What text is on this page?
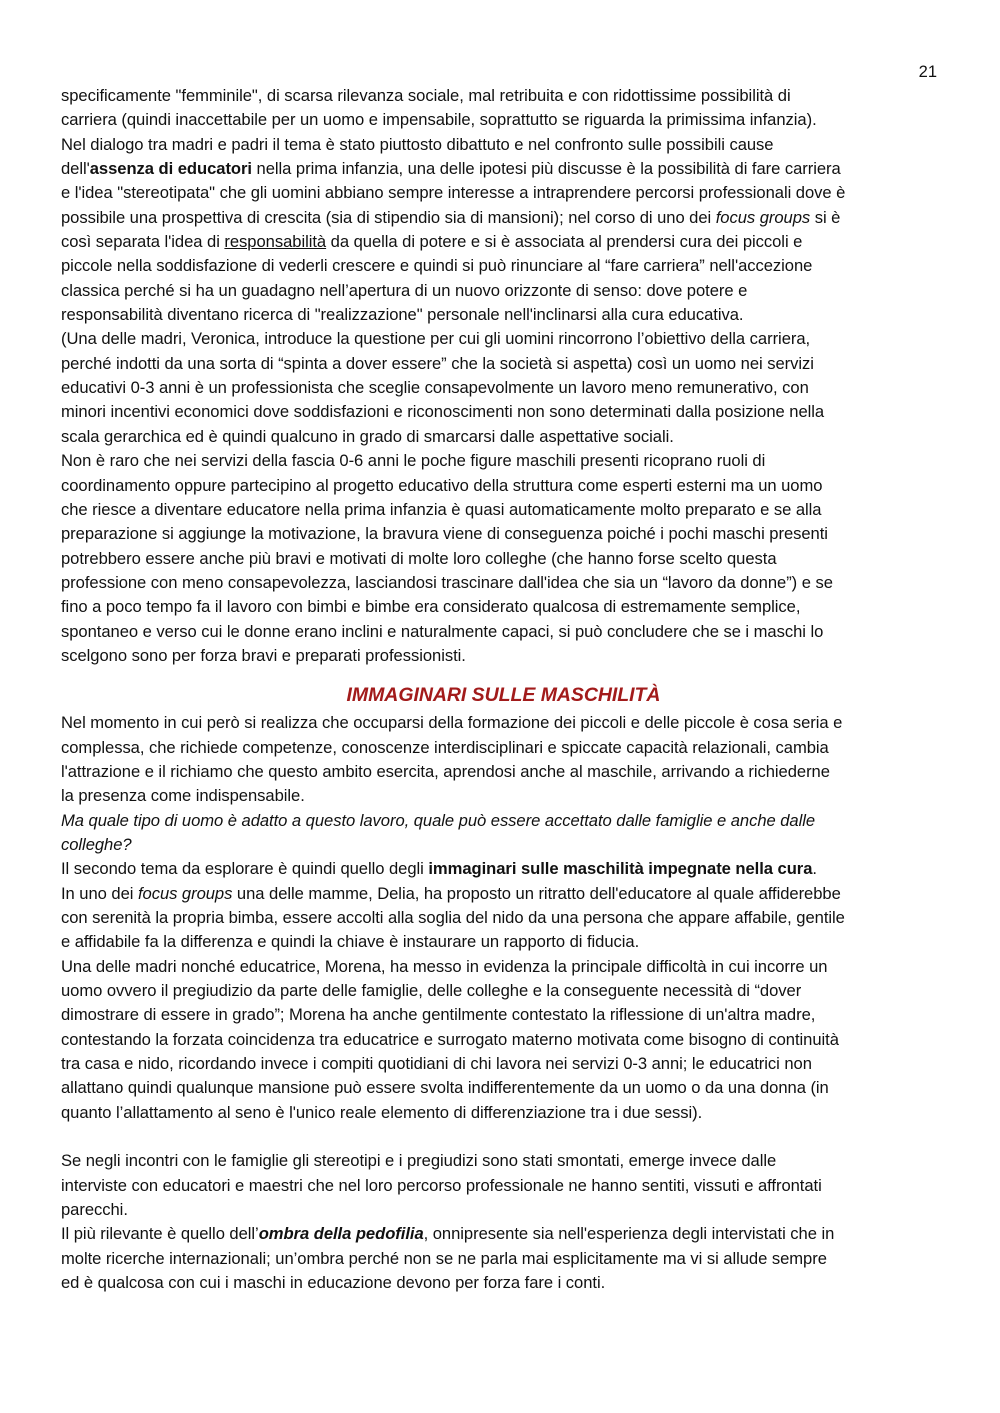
21
specificamente "femminile", di scarsa rilevanza sociale, mal retribuita e con ridottissime possibilità di
carriera (quindi inaccettabile per un uomo e impensabile, soprattutto se riguarda la primissima infanzia).
Nel dialogo tra madri e padri il tema è stato piuttosto dibattuto e nel confronto sulle possibili cause
dell'assenza di educatori nella prima infanzia, una delle ipotesi più discusse è la possibilità di fare carriera
e l'idea "stereotipata" che gli uomini abbiano sempre interesse a intraprendere percorsi professionali dove è
possibile una prospettiva di crescita (sia di stipendio sia di mansioni); nel corso di uno dei focus groups si è
così separata l'idea di responsabilità da quella di potere e si è associata al prendersi cura dei piccoli e
piccole nella soddisfazione di vederli crescere e quindi si può rinunciare al “fare carriera” nell'accezione
classica perché si ha un guadagno nell’apertura di un nuovo orizzonte di senso: dove potere e
responsabilità diventano ricerca di "realizzazione" personale nell'inclinarsi alla cura educativa.
(Una delle madri, Veronica, introduce la questione per cui gli uomini rincorrono l’obiettivo della carriera,
perché indotti da una sorta di “spinta a dover essere” che la società si aspetta) così un uomo nei servizi
educativi 0-3 anni è un professionista che sceglie consapevolmente un lavoro meno remunerativo, con
minori incentivi economici dove soddisfazioni e riconoscimenti non sono determinati dalla posizione nella
scala gerarchica ed è quindi qualcuno in grado di smarcarsi dalle aspettative sociali.
Non è raro che nei servizi della fascia 0-6 anni le poche figure maschili presenti ricoprano ruoli di
coordinamento oppure partecipino al progetto educativo della struttura come esperti esterni ma un uomo
che riesce a diventare educatore nella prima infanzia è quasi automaticamente molto preparato e se alla
preparazione si aggiunge la motivazione, la bravura viene di conseguenza poiché i pochi maschi presenti
potrebbero essere anche più bravi e motivati di molte loro colleghe (che hanno forse scelto questa
professione con meno consapevolezza, lasciandosi trascinare dall'idea che sia un “lavoro da donne”) e se
fino a poco tempo fa il lavoro con bimbi e bimbe era considerato qualcosa di estremamente semplice,
spontaneo e verso cui le donne erano inclini e naturalmente capaci, si può concludere che se i maschi lo
scelgono sono per forza bravi e preparati professionisti.
IMMAGINARI SULLE MASCHILITÀ
Nel momento in cui però si realizza che occuparsi della formazione dei piccoli e delle piccole è cosa seria e
complessa, che richiede competenze, conoscenze interdisciplinari e spiccate capacità relazionali, cambia
l'attrazione e il richiamo che questo ambito esercita, aprendosi anche al maschile, arrivando a richiederne
la presenza come indispensabile.
Ma quale tipo di uomo è adatto a questo lavoro, quale può essere accettato dalle famiglie e anche dalle
colleghe?
Il secondo tema da esplorare è quindi quello degli immaginari sulle maschilità impegnate nella cura.
In uno dei focus groups una delle mamme, Delia, ha proposto un ritratto dell'educatore al quale affiderebbe
con serenità la propria bimba, essere accolti alla soglia del nido da una persona che appare affabile, gentile
e affidabile fa la differenza e quindi la chiave è instaurare un rapporto di fiducia.
Una delle madri nonché educatrice, Morena, ha messo in evidenza la principale difficoltà in cui incorre un
uomo ovvero il pregiudizio da parte delle famiglie, delle colleghe e la conseguente necessità di “dover
dimostrare di essere in grado”; Morena ha anche gentilmente contestato la riflessione di un'altra madre,
contestando la forzata coincidenza tra educatrice e surrogato materno motivata come bisogno di continuità
tra casa e nido, ricordando invece i compiti quotidiani di chi lavora nei servizi 0-3 anni; le educatrici non
allattano quindi qualunque mansione può essere svolta indifferentemente da un uomo o da una donna (in
quanto l’allattamento al seno è l'unico reale elemento di differenziazione tra i due sessi).
Se negli incontri con le famiglie gli stereotipi e i pregiudizi sono stati smontati, emerge invece dalle
interviste con educatori e maestri che nel loro percorso professionale ne hanno sentiti, vissuti e affrontati
parecchi.
Il più rilevante è quello dell’ombra della pedofilia, onnipresente sia nell'esperienza degli intervistati che in
molte ricerche internazionali; un’ombra perché non se ne parla mai esplicitamente ma vi si allude sempre
ed è qualcosa con cui i maschi in educazione devono per forza fare i conti.
